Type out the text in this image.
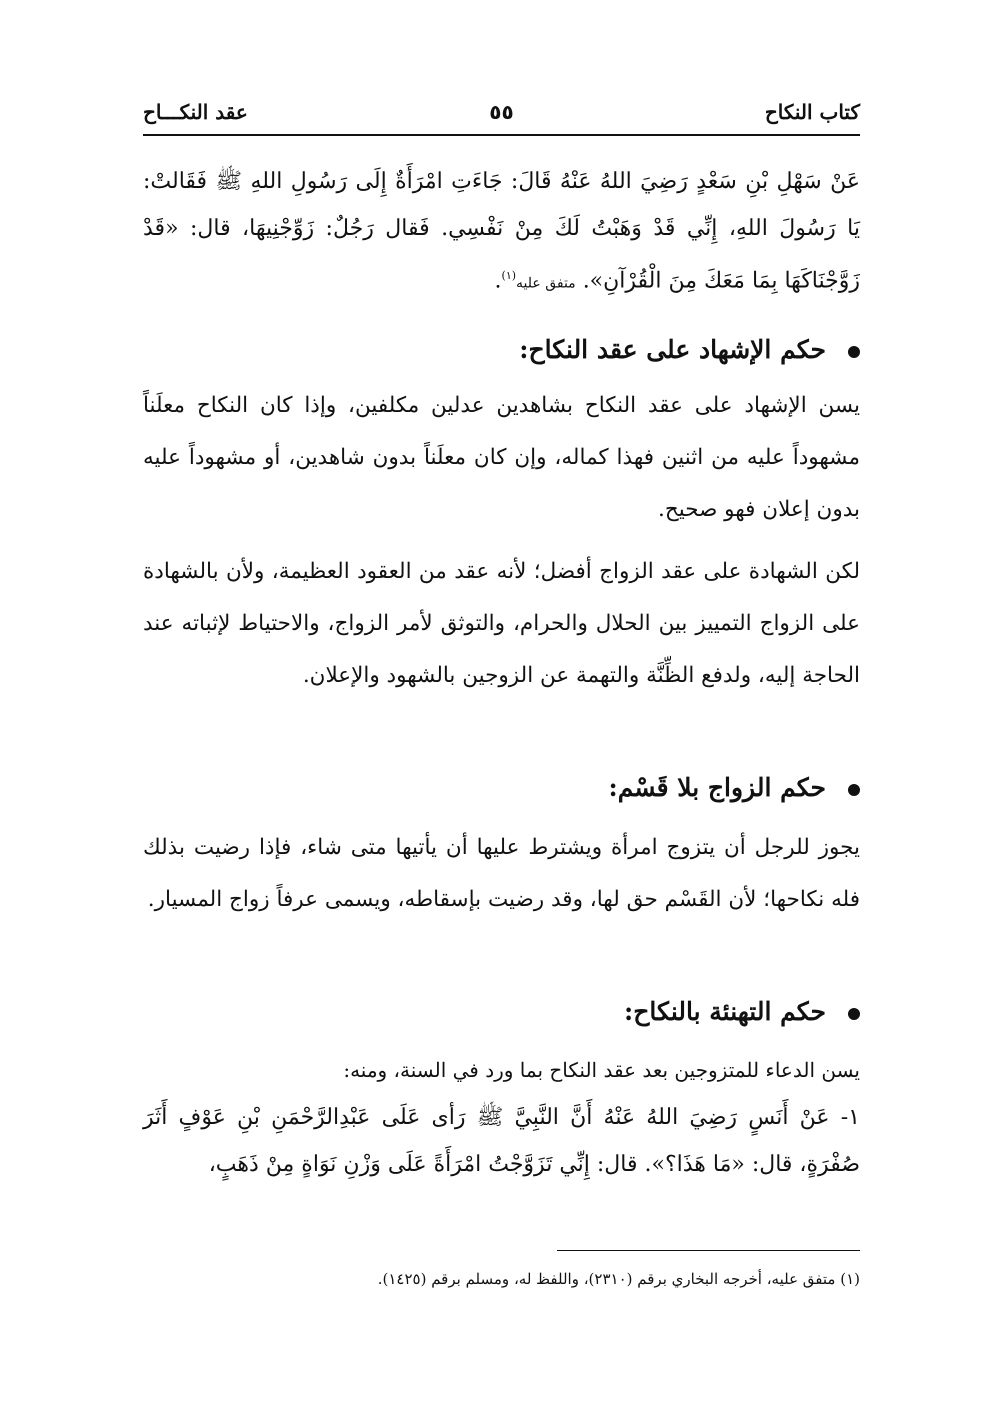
كتاب النكاح
٥٥
عقد النكـــاح

عَنْ سَهْلِ بْنِ سَعْدٍ رَضِيَ اللهُ عَنْهُ قَالَ: جَاءَتِ امْرَأَةٌ إِلَى رَسُولِ اللهِ ﷺ فَقَالتْ: يَا رَسُولَ اللهِ، إِنِّي قَدْ وَهَبْتُ لَكَ مِنْ نَفْسِي. فَقال رَجُلٌ: زَوِّجْنِيهَا، قال: «قَدْ زَوَّجْنَاكَهَا بِمَا مَعَكَ مِنَ الْقُرْآنِ». متفق عليه$^{(١)}$.

حكم الإشهاد على عقد النكاح:

يسن الإشهاد على عقد النكاح بشاهدين عدلين مكلفين، وإذا كان النكاح معلَناً مشهوداً عليه من اثنين فهذا كماله، وإن كان معلَناً بدون شاهدين، أو مشهوداً عليه بدون إعلان فهو صحيح.

لكن الشهادة على عقد الزواج أفضل؛ لأنه عقد من العقود العظيمة، ولأن بالشهادة على الزواج التمييز بين الحلال والحرام، والتوثق لأمر الزواج، والاحتياط لإثباته عند الحاجة إليه، ولدفع الظِّنَّة والتهمة عن الزوجين بالشهود والإعلان.

حكم الزواج بلا قَسْم:

يجوز للرجل أن يتزوج امرأة ويشترط عليها أن يأتيها متى شاء، فإذا رضيت بذلك فله نكاحها؛ لأن القَسْم حق لها، وقد رضيت بإسقاطه، ويسمى عرفاً زواج المسيار.

حكم التهنئة بالنكاح:

يسن الدعاء للمتزوجين بعد عقد النكاح بما ورد في السنة، ومنه:

١- عَنْ أَنَسٍ رَضِيَ اللهُ عَنْهُ أَنَّ النَّبِيَّ ﷺ رَأى عَلَى عَبْدِالرَّحْمَنِ بْنِ عَوْفٍ أَثَرَ صُفْرَةٍ، قال: «مَا هَذَا؟». قال: إِنِّي تَزَوَّجْتُ امْرَأَةً عَلَى وَزْنِ نَوَاةٍ مِنْ ذَهَبٍ،

(١) متفق عليه، أخرجه البخاري برقم (٢٣١٠)، واللفظ له، ومسلم برقم (١٤٢٥).
